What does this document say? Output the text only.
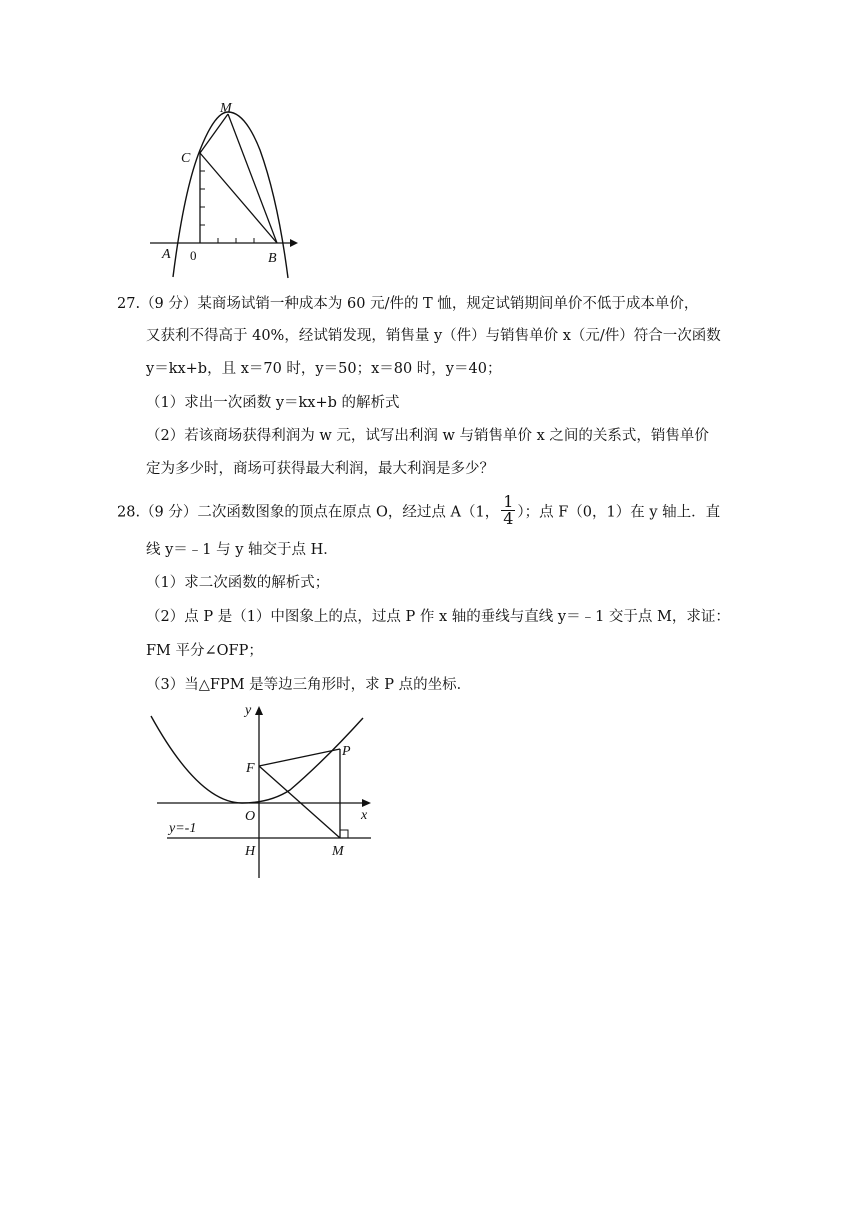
M
C
A 0	B
27.（9 分）某商场试销一种成本为 60 元/件的 T 恤，规定试销期间单价不低于成本单价，
又获利不得高于 40%，经试销发现，销售量 y（件）与销售单价 x（元/件）符合一次函数
y＝kx+b，且 x＝70 时，y＝50；x＝80 时，y＝40；
（1）求出一次函数 y＝kx+b 的解析式
（2）若该商场获得利润为 w 元，试写出利润 w 与销售单价 x 之间的关系式，销售单价
定为多少时，商场可获得最大利润，最大利润是多少？
28.（9 分）二次函数图象的顶点在原点 O，经过点 A（1， $\frac{1}{4}$ ）；点 F（0，1）在 y 轴上．直
线 y＝﹣1 与 y 轴交于点 H．
（1）求二次函数的解析式；
（2）点 P 是（1）中图象上的点，过点 P 作 x 轴的垂线与直线 y＝﹣1 交于点 M，求证：
FM 平分∠OFP；
（3）当△FPM 是等边三角形时，求 P 点的坐标．
y
x
F
P
O
H	M
y=-1
